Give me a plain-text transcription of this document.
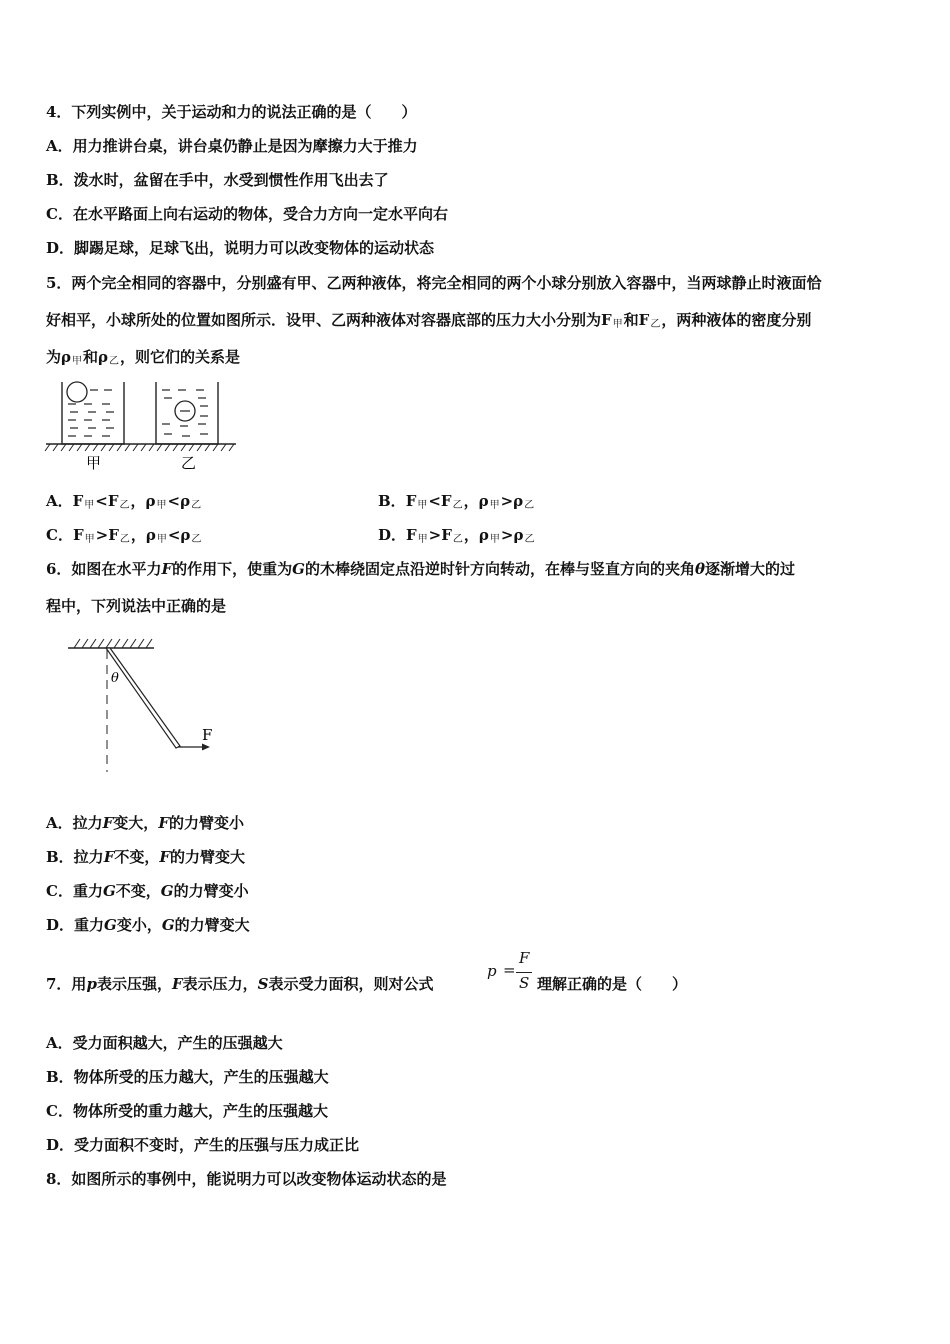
4．下列实例中，关于运动和力的说法正确的是（　　）
A．用力推讲台桌，讲台桌仍静止是因为摩擦力大于推力
B．泼水时，盆留在手中，水受到惯性作用飞出去了
C．在水平路面上向右运动的物体，受合力方向一定水平向右
D．脚踢足球，足球飞出，说明力可以改变物体的运动状态
5．两个完全相同的容器中，分别盛有甲、乙两种液体，将完全相同的两个小球分别放入容器中，当两球静止时液面恰
好相平，小球所处的位置如图所示．设甲、乙两种液体对容器底部的压力大小分别为$F_甲$和$F_乙$，两种液体的密度分别
为$\rho_甲$和$\rho_乙$，则它们的关系是
甲	乙
A．$F_甲<F_乙$，$\rho_甲<\rho_乙$	B．$F_甲<F_乙$，$\rho_甲>\rho_乙$
C．$F_甲>F_乙$，$\rho_甲<\rho_乙$	D．$F_甲>F_乙$，$\rho_甲>\rho_乙$
6．如图在水平力F的作用下，使重为G的木棒绕固定点沿逆时针方向转动，在棒与竖直方向的夹角θ逐渐增大的过
程中，下列说法中正确的是
θ
F
A．拉力F变大，F的力臂变小
B．拉力F不变，F的力臂变大
C．重力G不变，G的力臂变小
D．重力G变小，G的力臂变大
7．用p表示压强，F表示压力，S表示受力面积，则对公式
p =
F
S 理解正确的是（　　）
A．受力面积越大，产生的压强越大
B．物体所受的压力越大，产生的压强越大
C．物体所受的重力越大，产生的压强越大
D．受力面积不变时，产生的压强与压力成正比
8．如图所示的事例中，能说明力可以改变物体运动状态的是
